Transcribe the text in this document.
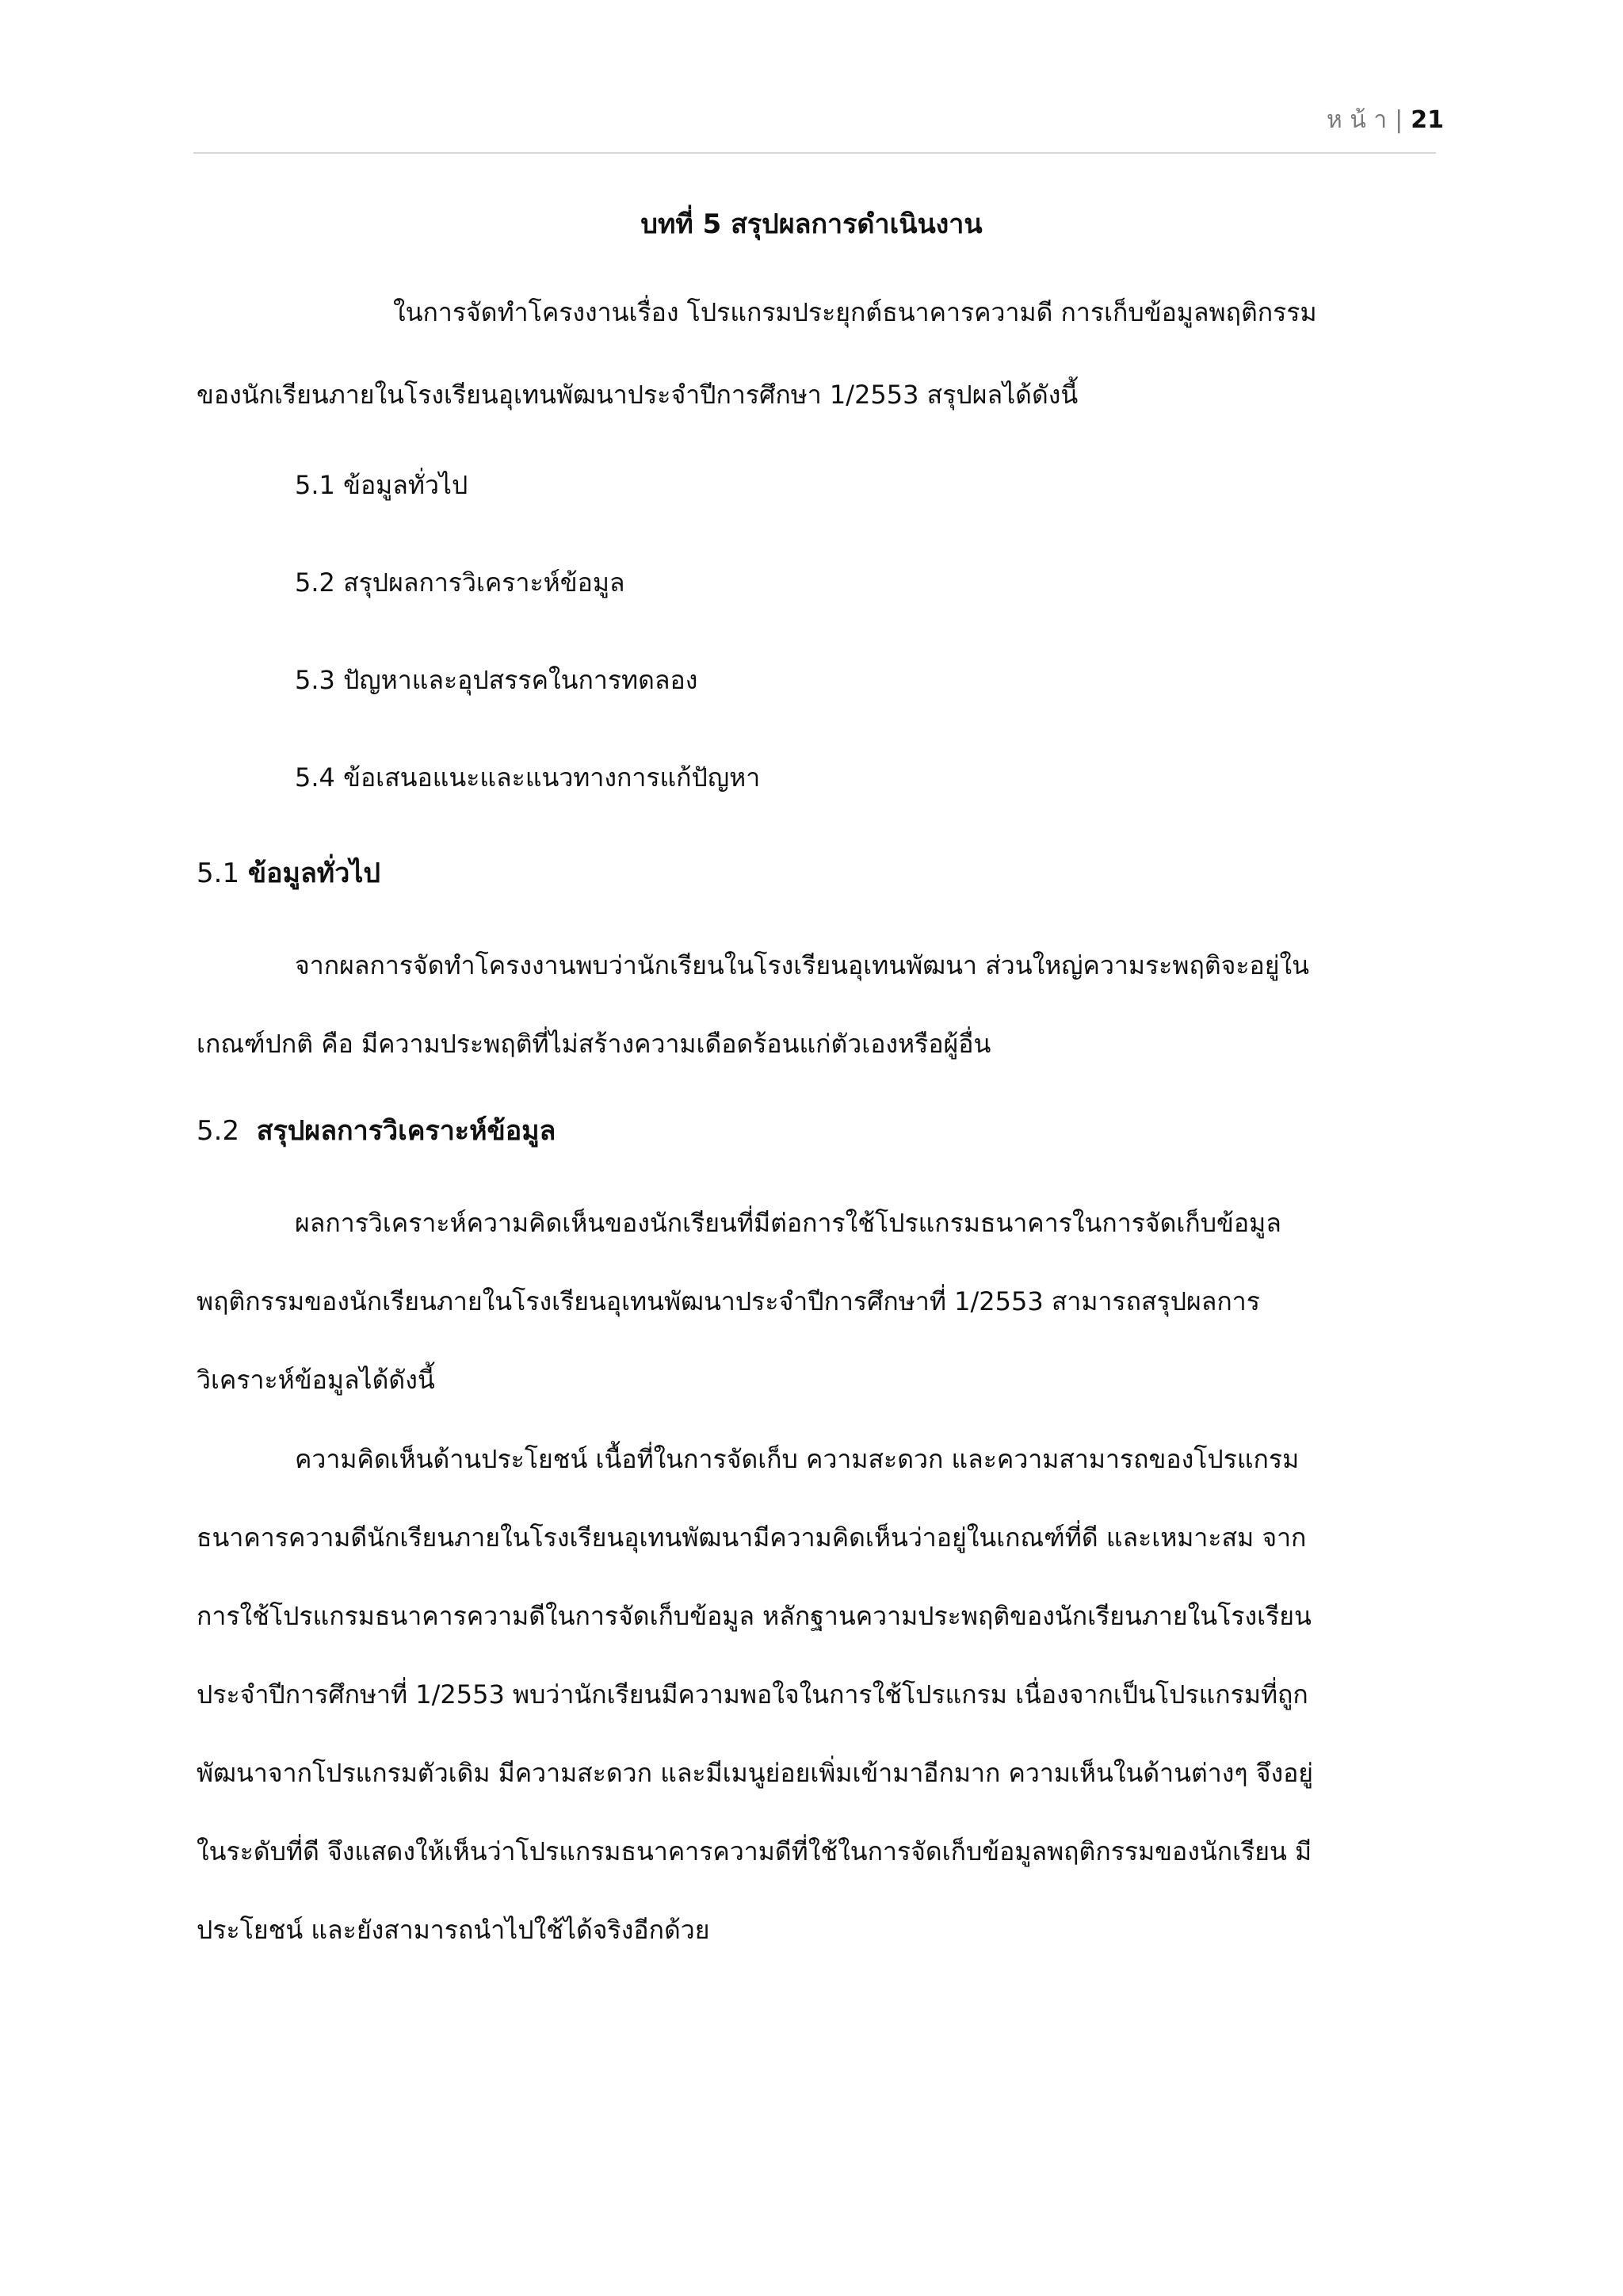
ห น้ า | 21
บทที่ 5 สรุปผลการดำเนินงาน
ในการจัดทำโครงงานเรื่อง โปรแกรมประยุกต์ธนาคารความดี การเก็บข้อมูลพฤติกรรม
ของนักเรียนภายในโรงเรียนอุเทนพัฒนาประจำปีการศึกษา 1/2553 สรุปผลได้ดังนี้
5.1 ข้อมูลทั่วไป
5.2 สรุปผลการวิเคราะห์ข้อมูล
5.3 ปัญหาและอุปสรรคในการทดลอง
5.4 ข้อเสนอแนะและแนวทางการแก้ปัญหา
5.1 ข้อมูลทั่วไป
จากผลการจัดทำโครงงานพบว่านักเรียนในโรงเรียนอุเทนพัฒนา ส่วนใหญ่ความระพฤติจะอยู่ใน
เกณฑ์ปกติ คือ มีความประพฤติที่ไม่สร้างความเดือดร้อนแก่ตัวเองหรือผู้อื่น
5.2 สรุปผลการวิเคราะห์ข้อมูล
ผลการวิเคราะห์ความคิดเห็นของนักเรียนที่มีต่อการใช้โปรแกรมธนาคารในการจัดเก็บข้อมูล
พฤติกรรมของนักเรียนภายในโรงเรียนอุเทนพัฒนาประจำปีการศึกษาที่ 1/2553 สามารถสรุปผลการ
วิเคราะห์ข้อมูลได้ดังนี้
ความคิดเห็นด้านประโยชน์ เนื้อที่ในการจัดเก็บ ความสะดวก และความสามารถของโปรแกรม
ธนาคารความดีนักเรียนภายในโรงเรียนอุเทนพัฒนามีความคิดเห็นว่าอยู่ในเกณฑ์ที่ดี และเหมาะสม จาก
การใช้โปรแกรมธนาคารความดีในการจัดเก็บข้อมูล หลักฐานความประพฤติของนักเรียนภายในโรงเรียน
ประจำปีการศึกษาที่ 1/2553 พบว่านักเรียนมีความพอใจในการใช้โปรแกรม เนื่องจากเป็นโปรแกรมที่ถูก
พัฒนาจากโปรแกรมตัวเดิม มีความสะดวก และมีเมนูย่อยเพิ่มเข้ามาอีกมาก ความเห็นในด้านต่างๆ จึงอยู่
ในระดับที่ดี จึงแสดงให้เห็นว่าโปรแกรมธนาคารความดีที่ใช้ในการจัดเก็บข้อมูลพฤติกรรมของนักเรียน มี
ประโยชน์ และยังสามารถนำไปใช้ได้จริงอีกด้วย
